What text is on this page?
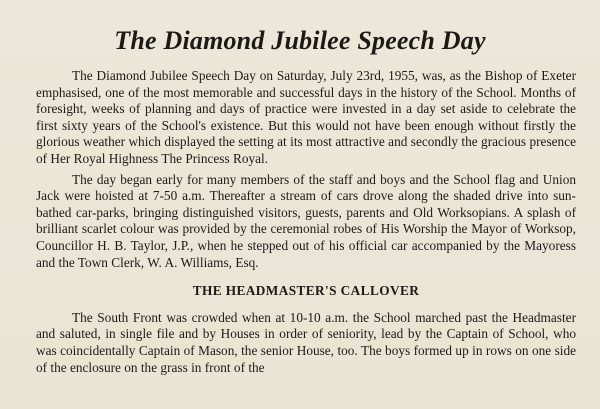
The Diamond Jubilee Speech Day

The Diamond Jubilee Speech Day on Saturday, July 23rd, 1955, was, as the Bishop of Exeter emphasised, one of the most memorable and successful days in the history of the School. Months of foresight, weeks of planning and days of practice were invested in a day set aside to celebrate the first sixty years of the School's existence. But this would not have been enough without firstly the glorious weather which displayed the setting at its most attractive and secondly the gracious presence of Her Royal Highness The Princess Royal.

The day began early for many members of the staff and boys and the School flag and Union Jack were hoisted at 7-50 a.m. Thereafter a stream of cars drove along the shaded drive into sun-bathed car-parks, bringing distinguished visitors, guests, parents and Old Worksopians. A splash of brilliant scarlet colour was provided by the ceremonial robes of His Worship the Mayor of Worksop, Councillor H. B. Taylor, J.P., when he stepped out of his official car accompanied by the Mayoress and the Town Clerk, W. A. Williams, Esq.

THE HEADMASTER'S CALLOVER

The South Front was crowded when at 10-10 a.m. the School marched past the Headmaster and saluted, in single file and by Houses in order of seniority, lead by the Captain of School, who was coincidentally Captain of Mason, the senior House, too. The boys formed up in rows on one side of the enclosure on the grass in front of the
